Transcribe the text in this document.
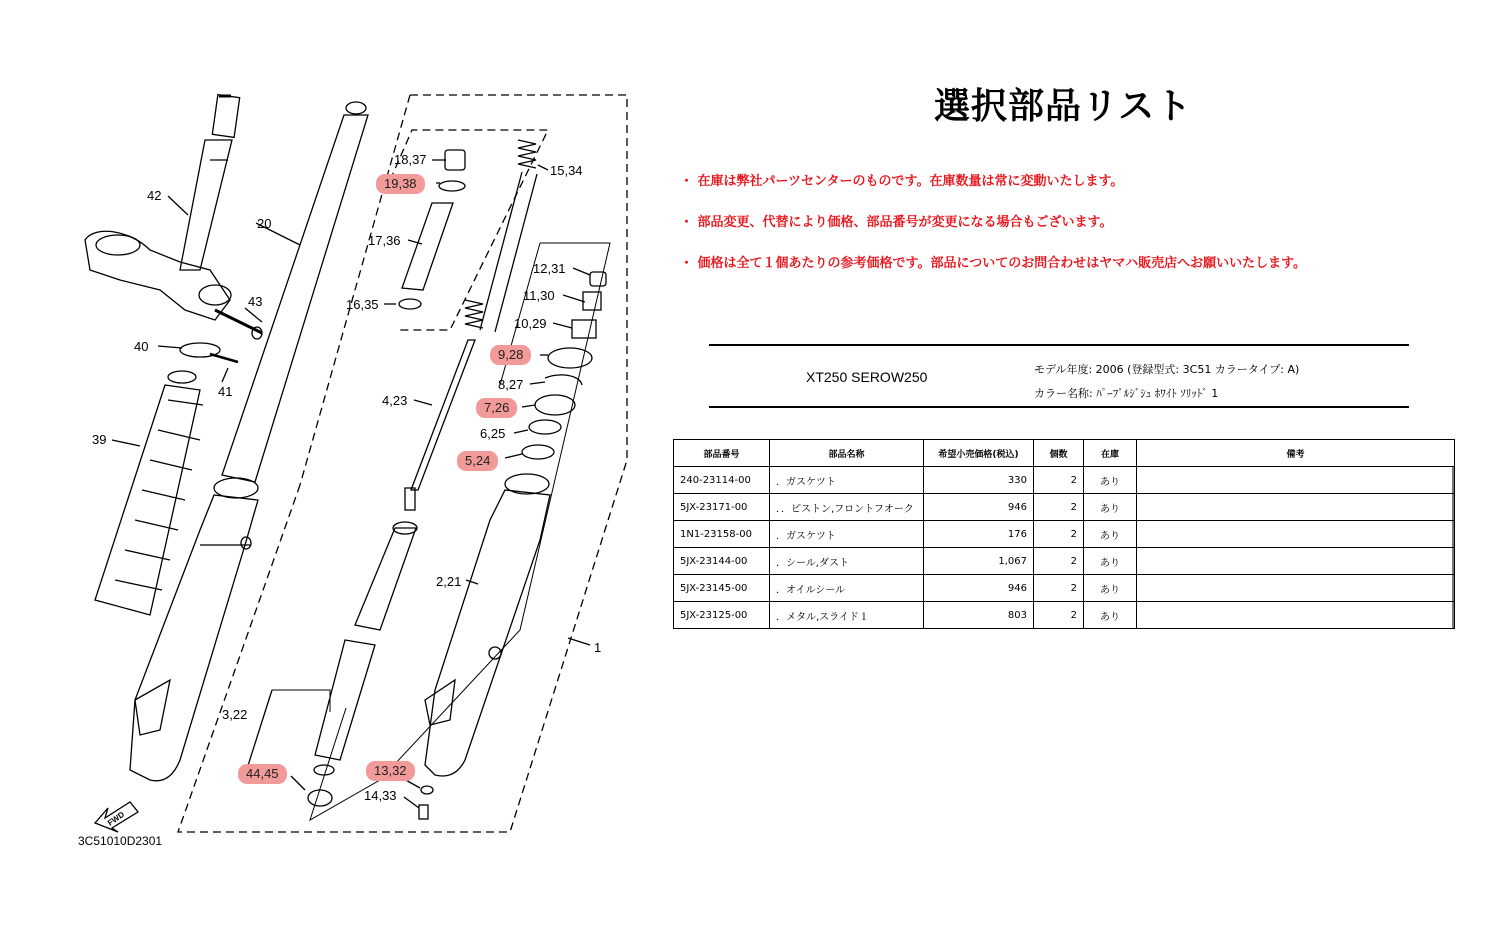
FWD
42
20
43
40
41
39
18,37
19,38
17,36
16,35
15,34
12,31
11,30
10,29
9,28
8,27
7,26
6,25
5,24
4,23
2,21
1
3,22
44,45	13,32
14,33
3C51010D2301
選択部品リスト

・ 在庫は弊社パーツセンターのものです。在庫数量は常に変動いたします。

・ 部品変更、代替により価格、部品番号が変更になる場合もございます。

・ 価格は全て１個あたりの参考価格です。部品についてのお問合わせはヤマハ販売店へお願いいたします。

XT250 SEROW250	モデル年度: 2006 (登録型式: 3C51 カラータイプ: A)
カラー名称: ﾊﾟｰﾌﾟﾙｼﾞｼｭ ﾎﾜｲﾄ ｿﾘｯﾄﾞ 1
部品番号	部品名称	希望小売価格(税込)	個数	在庫	備考
240-23114-00	．ガスケツト	330	2	あり	
5JX-23171-00	．．ピストン,フロントフオーク	946	2	あり	
1N1-23158-00	．ガスケツト	176	2	あり	
5JX-23144-00	．シール,ダスト	1,067	2	あり	
5JX-23145-00	．オイルシール	946	2	あり	
5JX-23125-00	．メタル,スライド１	803	2	あり	
